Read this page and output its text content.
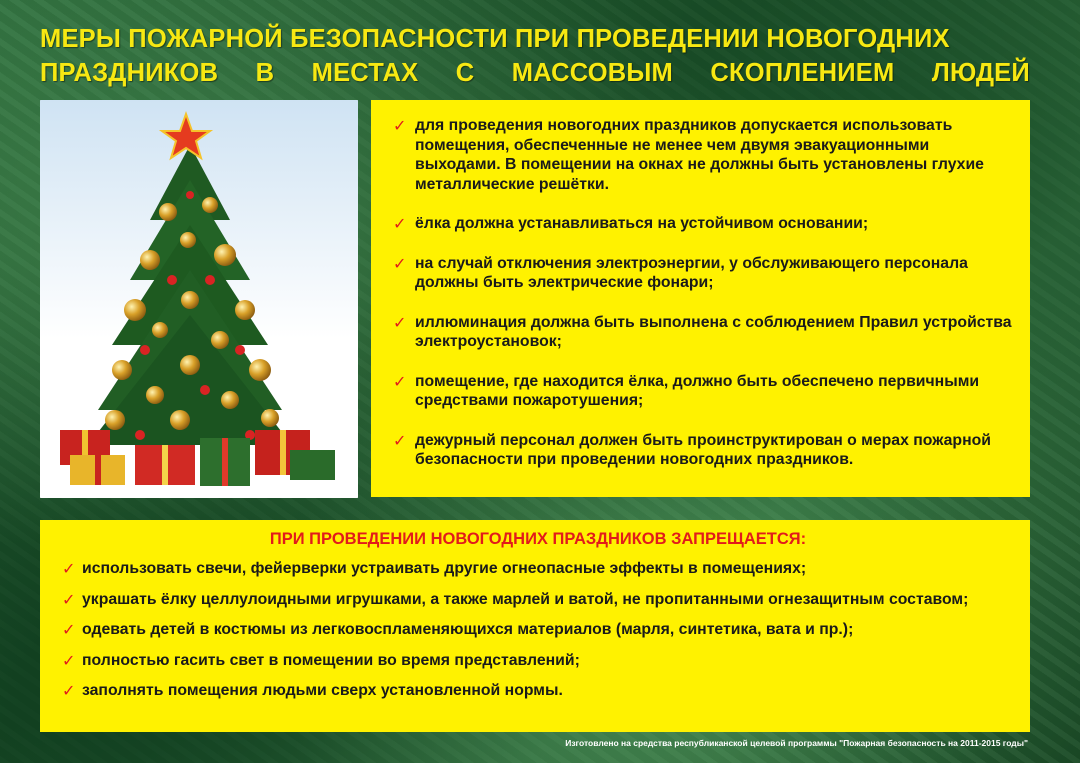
МЕРЫ ПОЖАРНОЙ БЕЗОПАСНОСТИ ПРИ ПРОВЕДЕНИИ НОВОГОДНИХ
ПРАЗДНИКОВ В МЕСТАХ С МАССОВЫМ СКОПЛЕНИЕМ ЛЮДЕЙ
✓ для проведения новогодних праздников допускается использовать помещения, обеспеченные не менее чем двумя эвакуационными выходами. В помещении на окнах не должны быть установлены глухие металлические решётки.
✓ ёлка должна устанавливаться на устойчивом основании;
✓ на случай отключения электроэнергии, у обслуживающего персонала должны быть электрические фонари;
✓ иллюминация должна быть выполнена с соблюдением Правил устройства электроустановок;
✓ помещение, где находится ёлка, должно быть обеспечено первичными средствами пожаротушения;
✓ дежурный персонал должен быть проинструктирован о мерах пожарной безопасности при проведении новогодних праздников.
ПРИ ПРОВЕДЕНИИ НОВОГОДНИХ ПРАЗДНИКОВ ЗАПРЕЩАЕТСЯ:
✓ использовать свечи, фейерверки устраивать другие огнеопасные эффекты в помещениях;
✓ украшать ёлку целлулоидными игрушками, а также марлей и ватой, не пропитанными огнезащитным составом;
✓ одевать детей в костюмы из легковоспламеняющихся материалов (марля, синтетика, вата и пр.);
✓ полностью гасить свет в помещении во время представлений;
✓ заполнять помещения людьми сверх установленной нормы.
Изготовлено на средства республиканской целевой программы "Пожарная безопасность на 2011-2015 годы"
